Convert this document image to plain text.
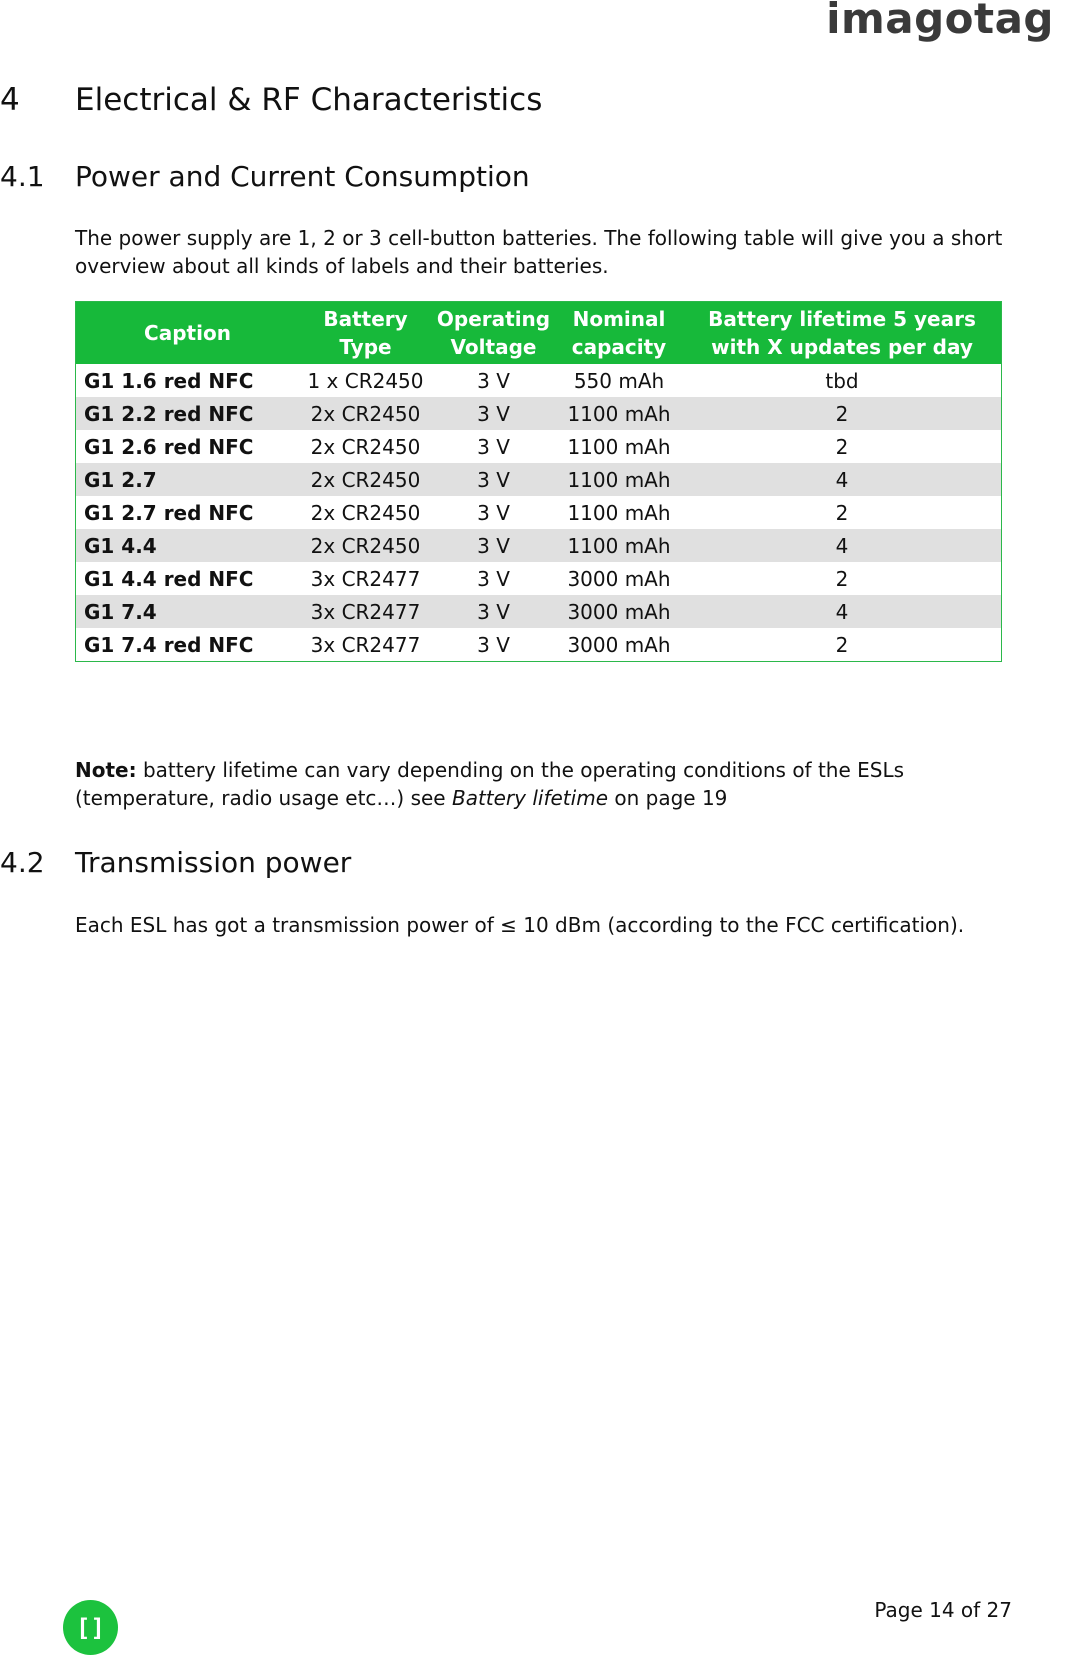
imagotag
4 Electrical & RF Characteristics
4.1 Power and Current Consumption

The power supply are 1, 2 or 3 cell-button batteries. The following table will give you a short overview about all kinds of labels and their batteries.

Caption	Battery Type	Operating Voltage	Nominal capacity	Battery lifetime 5 years with X updates per day
G1 1.6 red NFC	1 x CR2450	3 V	550 mAh	tbd
G1 2.2 red NFC	2x CR2450	3 V	1100 mAh	2
G1 2.6 red NFC	2x CR2450	3 V	1100 mAh	2
G1 2.7	2x CR2450	3 V	1100 mAh	4
G1 2.7 red NFC	2x CR2450	3 V	1100 mAh	2
G1 4.4	2x CR2450	3 V	1100 mAh	4
G1 4.4 red NFC	3x CR2477	3 V	3000 mAh	2
G1 7.4	3x CR2477	3 V	3000 mAh	4
G1 7.4 red NFC	3x CR2477	3 V	3000 mAh	2

Note: battery lifetime can vary depending on the operating conditions of the ESLs (temperature, radio usage etc…) see Battery lifetime on page 19

4.2 Transmission power

Each ESL has got a transmission power of ≤ 10 dBm (according to the FCC certification).

[]
Page 14 of 27
